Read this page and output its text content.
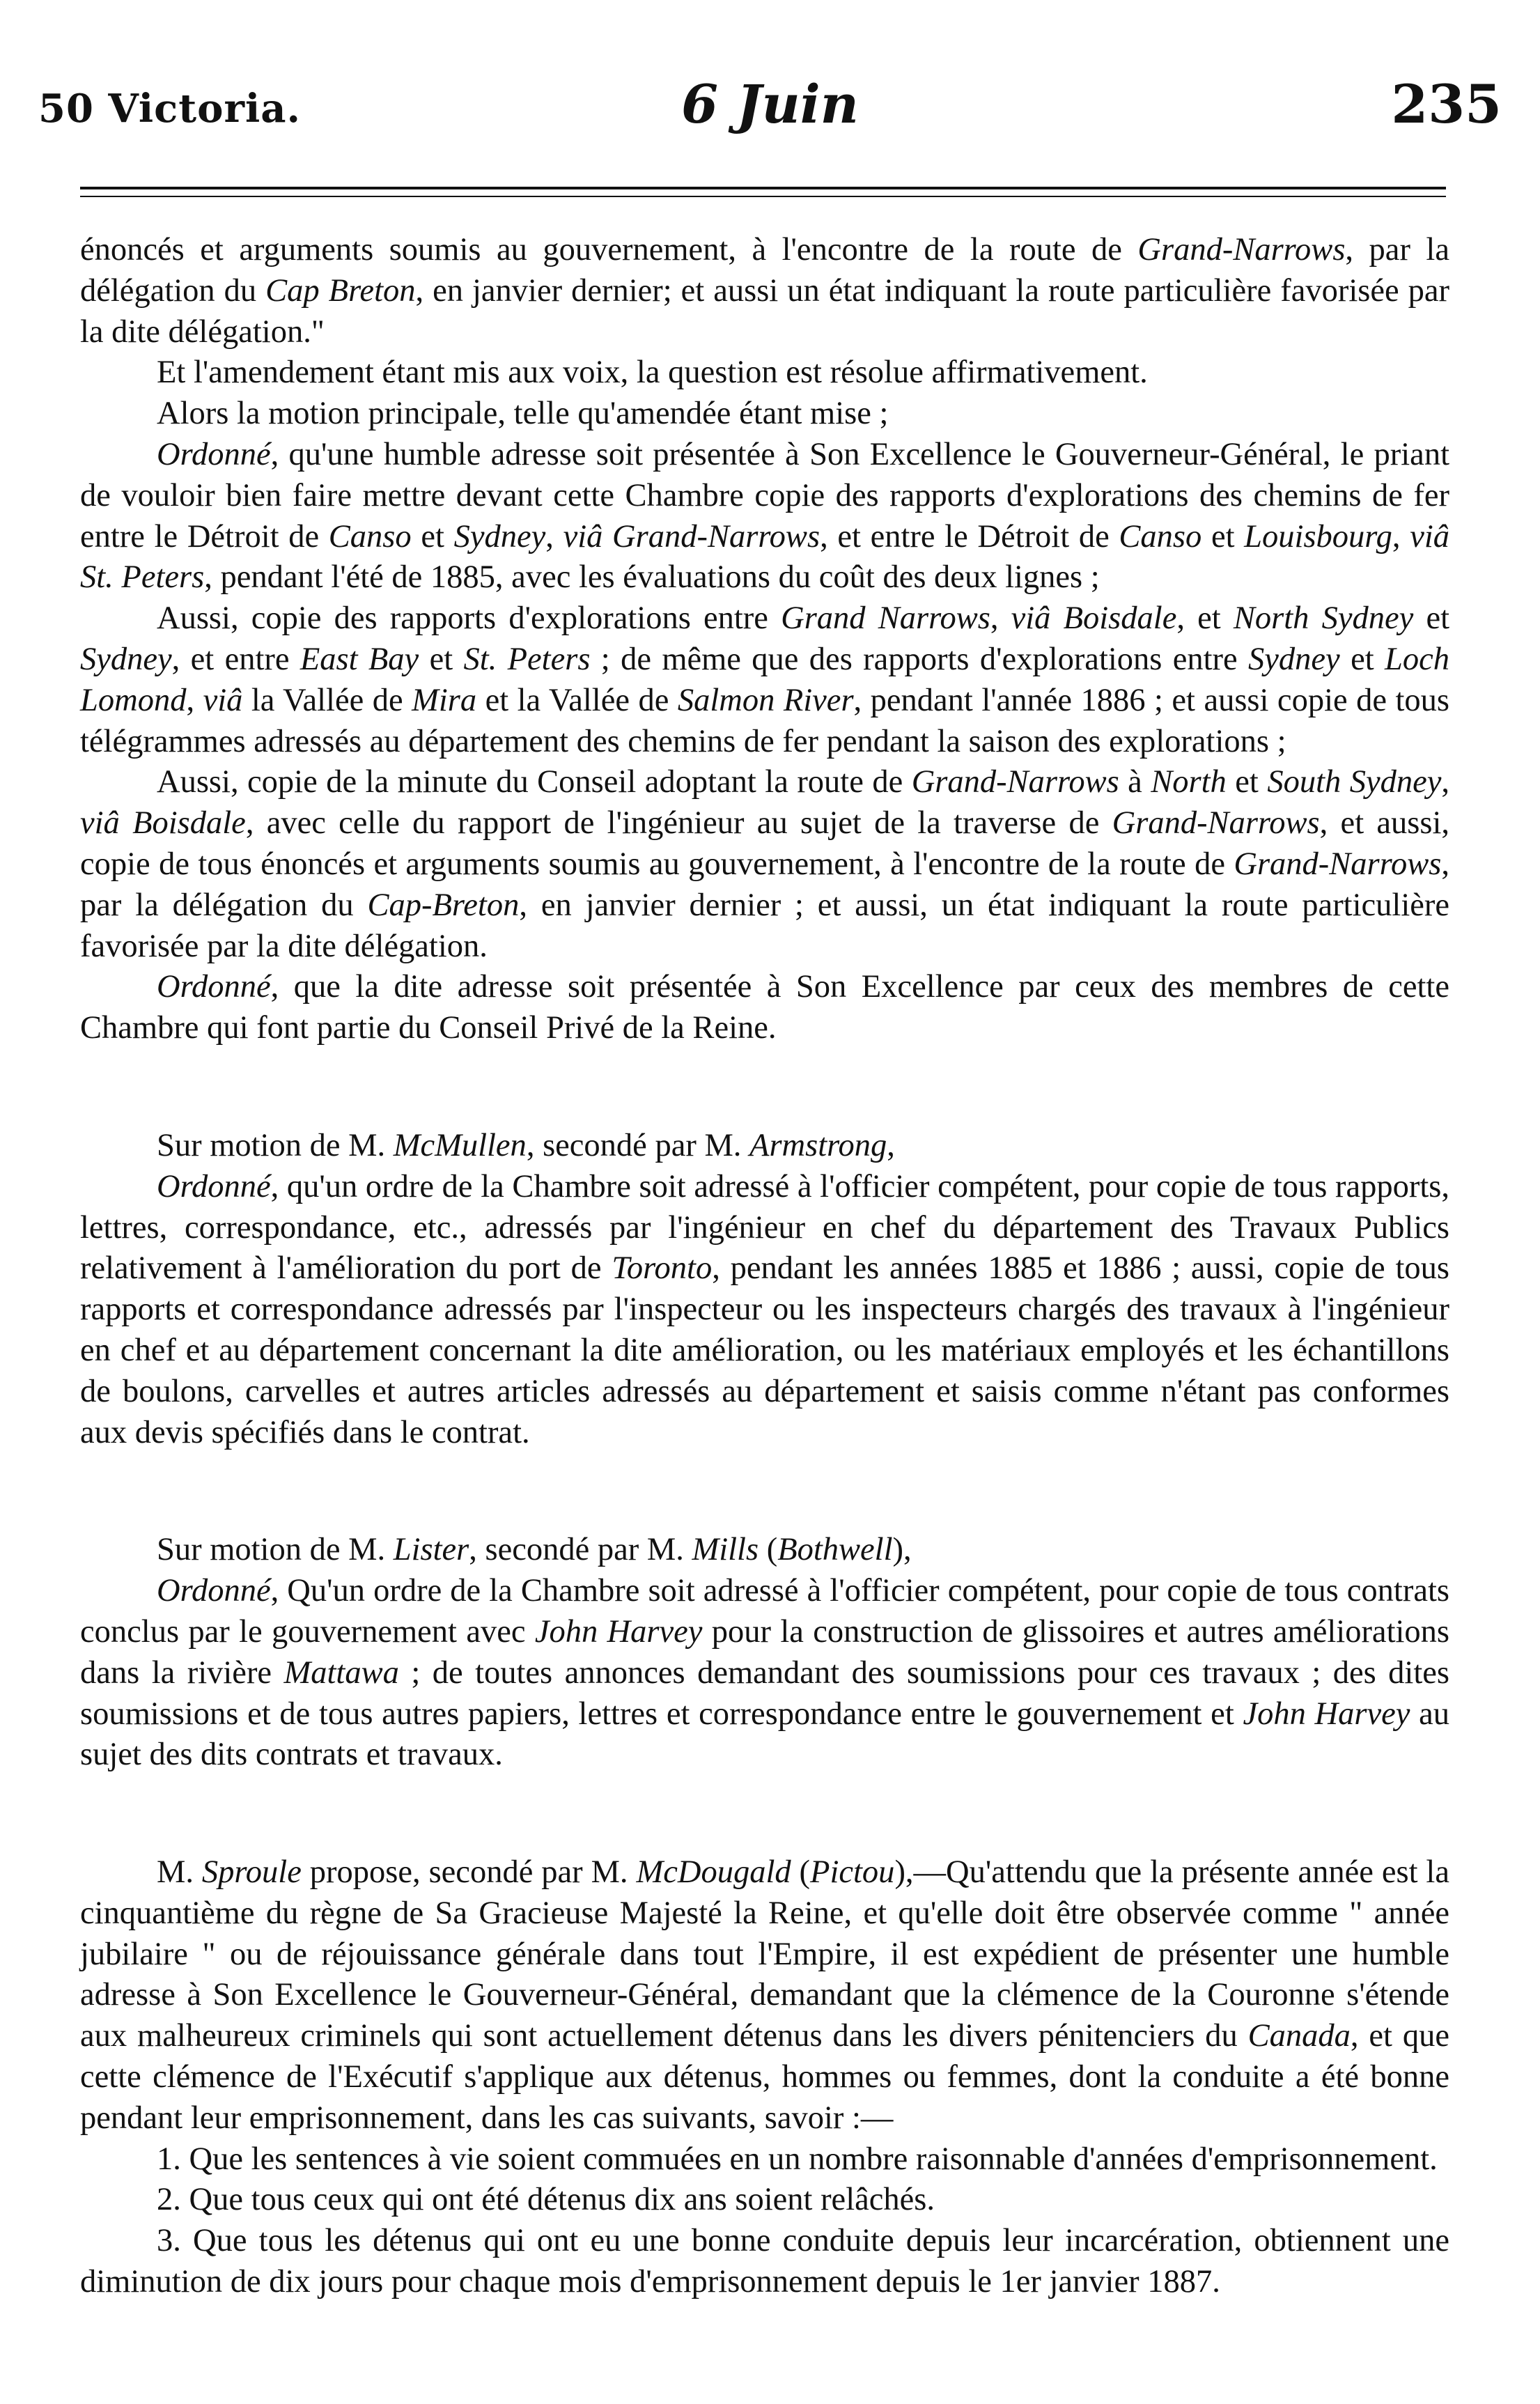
50 Victoria.	6 Juin	235

énoncés et arguments soumis au gouvernement, à l'encontre de la route de Grand-Narrows, par la délégation du Cap Breton, en janvier dernier; et aussi un état indiquant la route particulière favorisée par la dite délégation."

Et l'amendement étant mis aux voix, la question est résolue affirmativement.

Alors la motion principale, telle qu'amendée étant mise ;

Ordonné, qu'une humble adresse soit présentée à Son Excellence le Gouverneur-Général, le priant de vouloir bien faire mettre devant cette Chambre copie des rapports d'explorations des chemins de fer entre le Détroit de Canso et Sydney, viâ Grand-Narrows, et entre le Détroit de Canso et Louisbourg, viâ St. Peters, pendant l'été de 1885, avec les évaluations du coût des deux lignes ;

Aussi, copie des rapports d'explorations entre Grand Narrows, viâ Boisdale, et North Sydney et Sydney, et entre East Bay et St. Peters ; de même que des rapports d'explorations entre Sydney et Loch Lomond, viâ la Vallée de Mira et la Vallée de Salmon River, pendant l'année 1886 ; et aussi copie de tous télégrammes adressés au département des chemins de fer pendant la saison des explorations ;

Aussi, copie de la minute du Conseil adoptant la route de Grand-Narrows à North et South Sydney, viâ Boisdale, avec celle du rapport de l'ingénieur au sujet de la traverse de Grand-Narrows, et aussi, copie de tous énoncés et arguments soumis au gouvernement, à l'encontre de la route de Grand-Narrows, par la délégation du Cap-Breton, en janvier dernier ; et aussi, un état indiquant la route particulière favorisée par la dite délégation.

Ordonné, que la dite adresse soit présentée à Son Excellence par ceux des membres de cette Chambre qui font partie du Conseil Privé de la Reine.

Sur motion de M. McMullen, secondé par M. Armstrong,

Ordonné, qu'un ordre de la Chambre soit adressé à l'officier compétent, pour copie de tous rapports, lettres, correspondance, etc., adressés par l'ingénieur en chef du département des Travaux Publics relativement à l'amélioration du port de Toronto, pendant les années 1885 et 1886 ; aussi, copie de tous rapports et correspondance adressés par l'inspecteur ou les inspecteurs chargés des travaux à l'ingénieur en chef et au département concernant la dite amélioration, ou les matériaux employés et les échantillons de boulons, carvelles et autres articles adressés au département et saisis comme n'étant pas conformes aux devis spécifiés dans le contrat.

Sur motion de M. Lister, secondé par M. Mills (Bothwell),

Ordonné, Qu'un ordre de la Chambre soit adressé à l'officier compétent, pour copie de tous contrats conclus par le gouvernement avec John Harvey pour la construction de glissoires et autres améliorations dans la rivière Mattawa ; de toutes annonces demandant des soumissions pour ces travaux ; des dites soumissions et de tous autres papiers, lettres et correspondance entre le gouvernement et John Harvey au sujet des dits contrats et travaux.

M. Sproule propose, secondé par M. McDougald (Pictou),—Qu'attendu que la présente année est la cinquantième du règne de Sa Gracieuse Majesté la Reine, et qu'elle doit être observée comme " année jubilaire " ou de réjouissance générale dans tout l'Empire, il est expédient de présenter une humble adresse à Son Excellence le Gouverneur-Général, demandant que la clémence de la Couronne s'étende aux malheureux criminels qui sont actuellement détenus dans les divers pénitenciers du Canada, et que cette clémence de l'Exécutif s'applique aux détenus, hommes ou femmes, dont la conduite a été bonne pendant leur emprisonnement, dans les cas suivants, savoir :—

1. Que les sentences à vie soient commuées en un nombre raisonnable d'années d'emprisonnement.

2. Que tous ceux qui ont été détenus dix ans soient relâchés.

3. Que tous les détenus qui ont eu une bonne conduite depuis leur incarcération, obtiennent une diminution de dix jours pour chaque mois d'emprisonnement depuis le 1er janvier 1887.
